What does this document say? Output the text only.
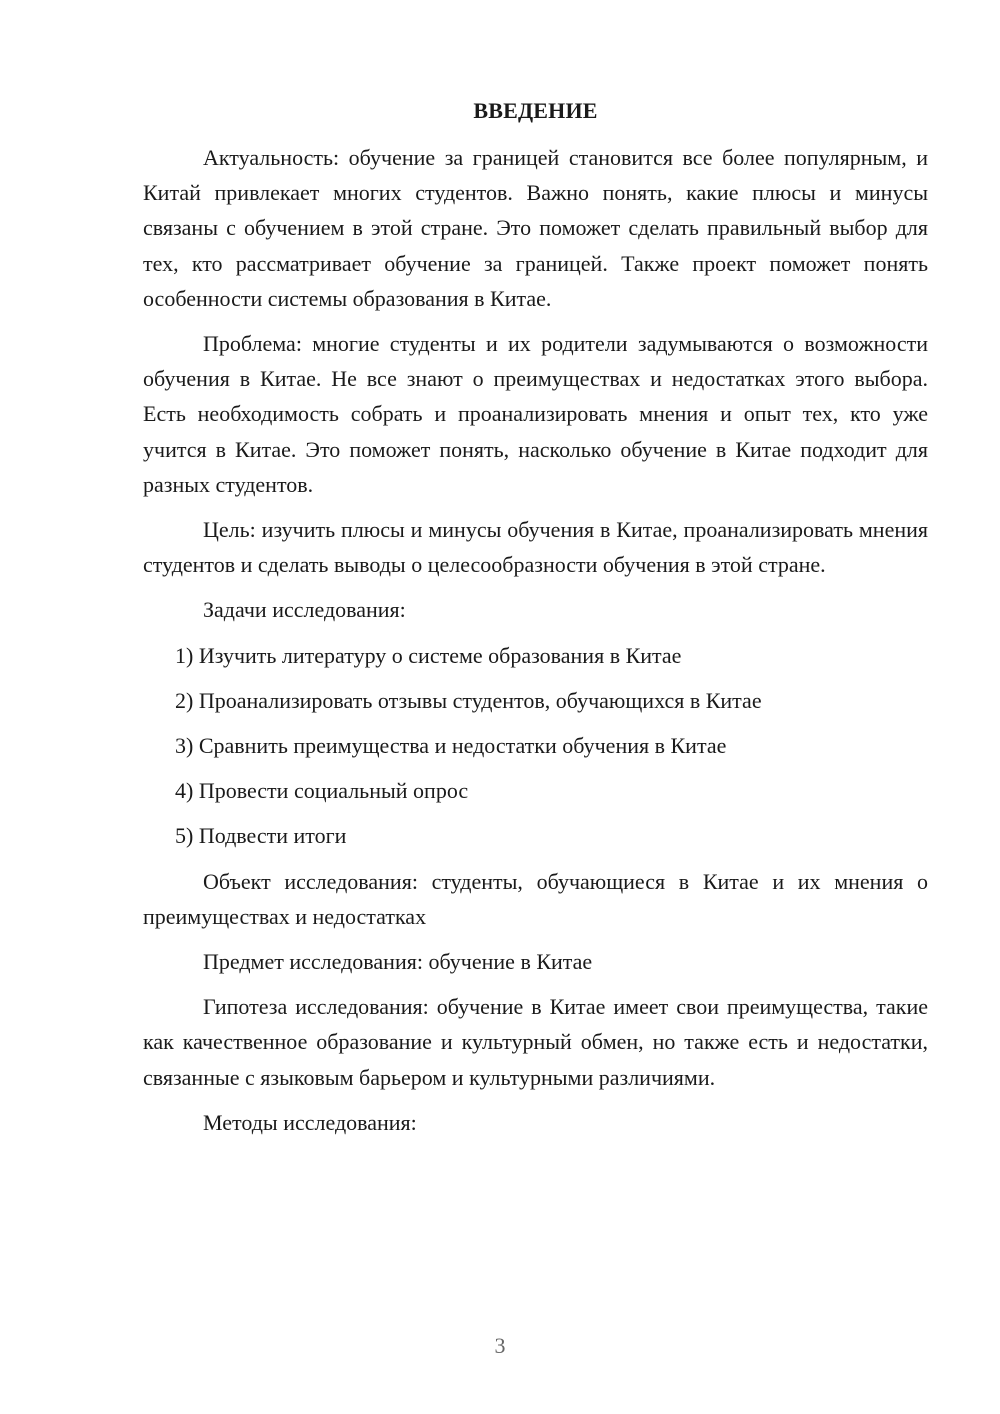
ВВЕДЕНИЕ

Актуальность: обучение за границей становится все более популярным, и Китай привлекает многих студентов. Важно понять, какие плюсы и минусы связаны с обучением в этой стране. Это поможет сделать правильный выбор для тех, кто рассматривает обучение за границей. Также проект поможет понять особенности системы образования в Китае.

Проблема: многие студенты и их родители задумываются о возможности обучения в Китае. Не все знают о преимуществах и недостатках этого выбора. Есть необходимость собрать и проанализировать мнения и опыт тех, кто уже учится в Китае. Это поможет понять, насколько обучение в Китае подходит для разных студентов.

Цель: изучить плюсы и минусы обучения в Китае, проанализировать мнения студентов и сделать выводы о целесообразности обучения в этой стране.

Задачи исследования:

1) Изучить литературу о системе образования в Китае
2) Проанализировать отзывы студентов, обучающихся в Китае
3) Сравнить преимущества и недостатки обучения в Китае
4) Провести социальный опрос
5) Подвести итоги

Объект исследования: студенты, обучающиеся в Китае и их мнения о преимуществах и недостатках

Предмет исследования: обучение в Китае

Гипотеза исследования: обучение в Китае имеет свои преимущества, такие как качественное образование и культурный обмен, но также есть и недостатки, связанные с языковым барьером и культурными различиями.

Методы исследования:

3
